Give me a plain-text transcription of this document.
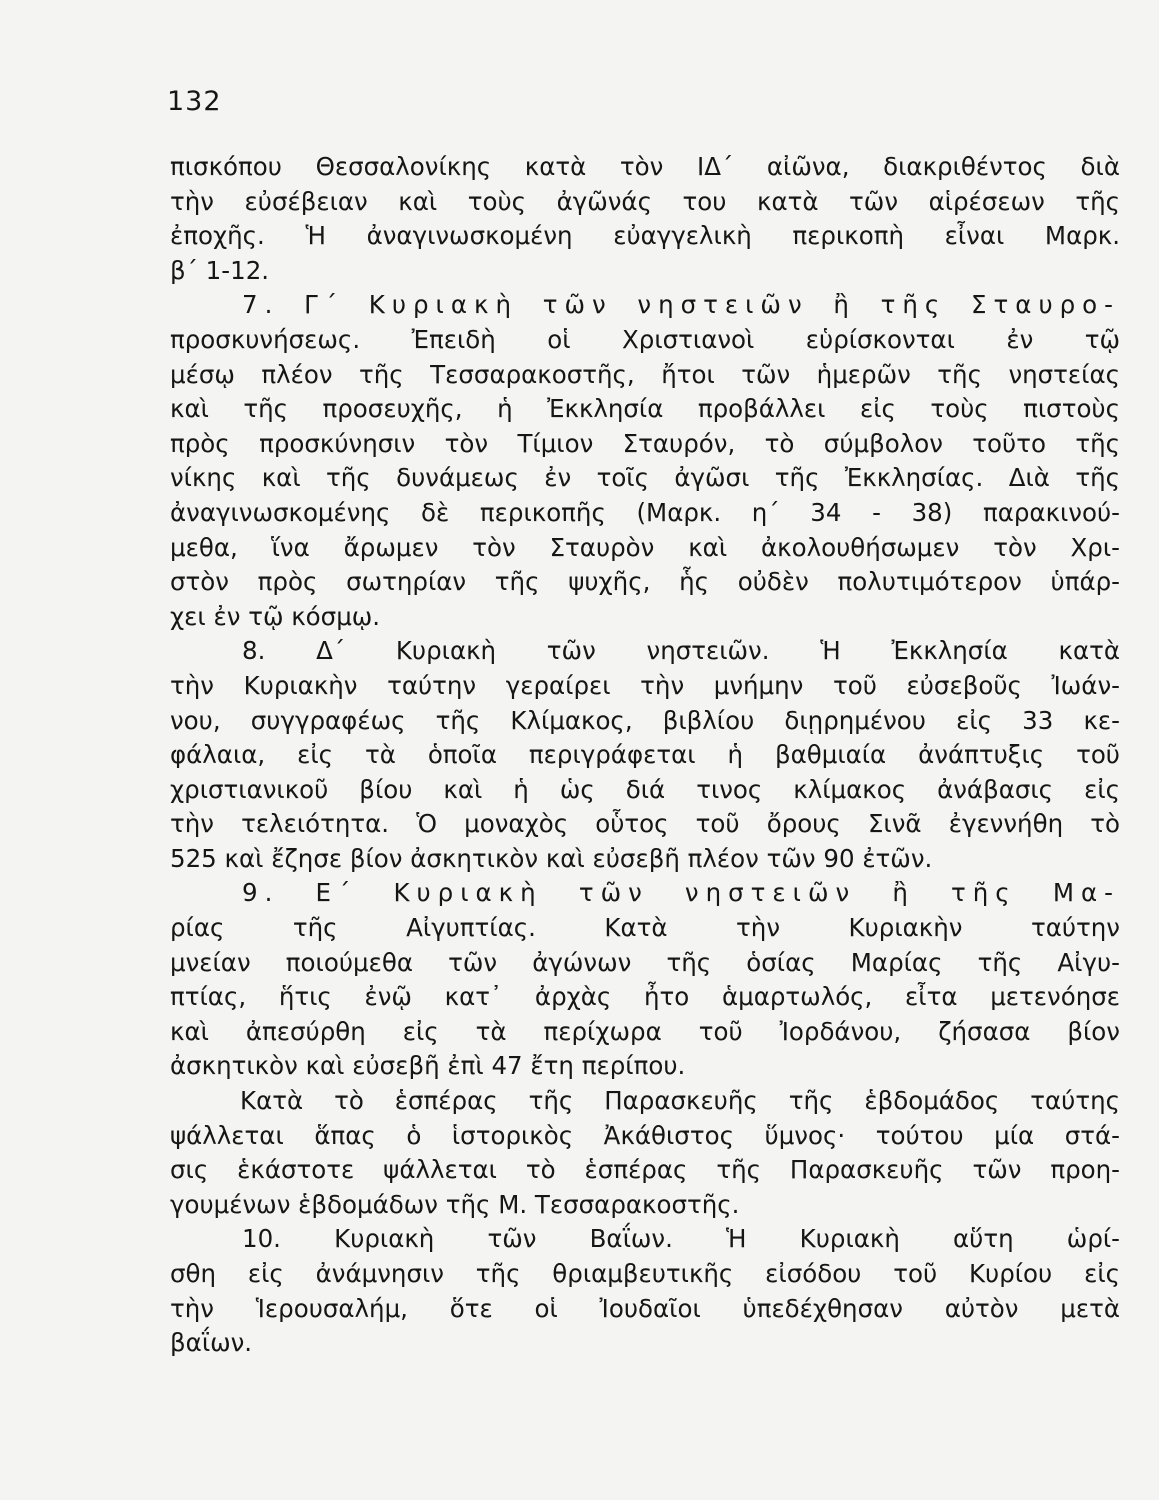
132
πισκόπου Θεσσαλονίκης κατὰ τὸν ΙΔ΄ αἰῶνα, διακριθέντος διὰ
τὴν εὐσέβειαν καὶ τοὺς ἀγῶνάς του κατὰ τῶν αἱρέσεων τῆς
ἐποχῆς. Ἡ ἀναγινωσκομένη εὐαγγελικὴ περικοπὴ εἶναι Μαρκ.
β΄ 1-12.
7. Γ΄ Κυριακὴ τῶν νηστειῶν ἢ τῆς Σταυρο-
προσκυνήσεως. Ἐπειδὴ οἱ Χριστιανοὶ εὑρίσκονται ἐν τῷ
μέσῳ πλέον τῆς Τεσσαρακοστῆς, ἤτοι τῶν ἡμερῶν τῆς νηστείας
καὶ τῆς προσευχῆς, ἡ Ἐκκλησία προβάλλει εἰς τοὺς πιστοὺς
πρὸς προσκύνησιν τὸν Τίμιον Σταυρόν, τὸ σύμβολον τοῦτο τῆς
νίκης καὶ τῆς δυνάμεως ἐν τοῖς ἀγῶσι τῆς Ἐκκλησίας. Διὰ τῆς
ἀναγινωσκομένης δὲ περικοπῆς (Μαρκ. η΄ 34 - 38) παρακινού-
μεθα, ἵνα ἄρωμεν τὸν Σταυρὸν καὶ ἀκολουθήσωμεν τὸν Χρι-
στὸν πρὸς σωτηρίαν τῆς ψυχῆς, ἧς οὐδὲν πολυτιμότερον ὑπάρ-
χει ἐν τῷ κόσμῳ.
8. Δ΄ Κυριακὴ τῶν νηστειῶν. Ἡ Ἐκκλησία κατὰ
τὴν Κυριακὴν ταύτην γεραίρει τὴν μνήμην τοῦ εὐσεβοῦς Ἰωάν-
νου, συγγραφέως τῆς Κλίμακος, βιβλίου διῃρημένου εἰς 33 κε-
φάλαια, εἰς τὰ ὁποῖα περιγράφεται ἡ βαθμιαία ἀνάπτυξις τοῦ
χριστιανικοῦ βίου καὶ ἡ ὡς διά τινος κλίμακος ἀνάβασις εἰς
τὴν τελειότητα. Ὁ μοναχὸς οὗτος τοῦ ὄρους Σινᾶ ἐγεννήθη τὸ
525 καὶ ἔζησε βίον ἀσκητικὸν καὶ εὐσεβῆ πλέον τῶν 90 ἐτῶν.
9. Ε΄ Κυριακὴ τῶν νηστειῶν ἢ τῆς Μα-
ρίας τῆς Αἰγυπτίας. Κατὰ τὴν Κυριακὴν ταύτην
μνείαν ποιούμεθα τῶν ἀγώνων τῆς ὁσίας Μαρίας τῆς Αἰγυ-
πτίας, ἥτις ἐνῷ κατ᾽ ἀρχὰς ἦτο ἁμαρτωλός, εἶτα μετενόησε
καὶ ἀπεσύρθη εἰς τὰ περίχωρα τοῦ Ἰορδάνου, ζήσασα βίον
ἀσκητικὸν καὶ εὐσεβῆ ἐπὶ 47 ἔτη περίπου.
Κατὰ τὸ ἑσπέρας τῆς Παρασκευῆς τῆς ἑβδομάδος ταύτης
ψάλλεται ἅπας ὁ ἱστορικὸς Ἀκάθιστος ὕμνος· τούτου μία στά-
σις ἑκάστοτε ψάλλεται τὸ ἑσπέρας τῆς Παρασκευῆς τῶν προη-
γουμένων ἑβδομάδων τῆς Μ. Τεσσαρακοστῆς.
10. Κυριακὴ τῶν Βαΐων. Ἡ Κυριακὴ αὕτη ὡρί-
σθη εἰς ἀνάμνησιν τῆς θριαμβευτικῆς εἰσόδου τοῦ Κυρίου εἰς
τὴν Ἱερουσαλήμ, ὅτε οἱ Ἰουδαῖοι ὑπεδέχθησαν αὐτὸν μετὰ
βαΐων.
